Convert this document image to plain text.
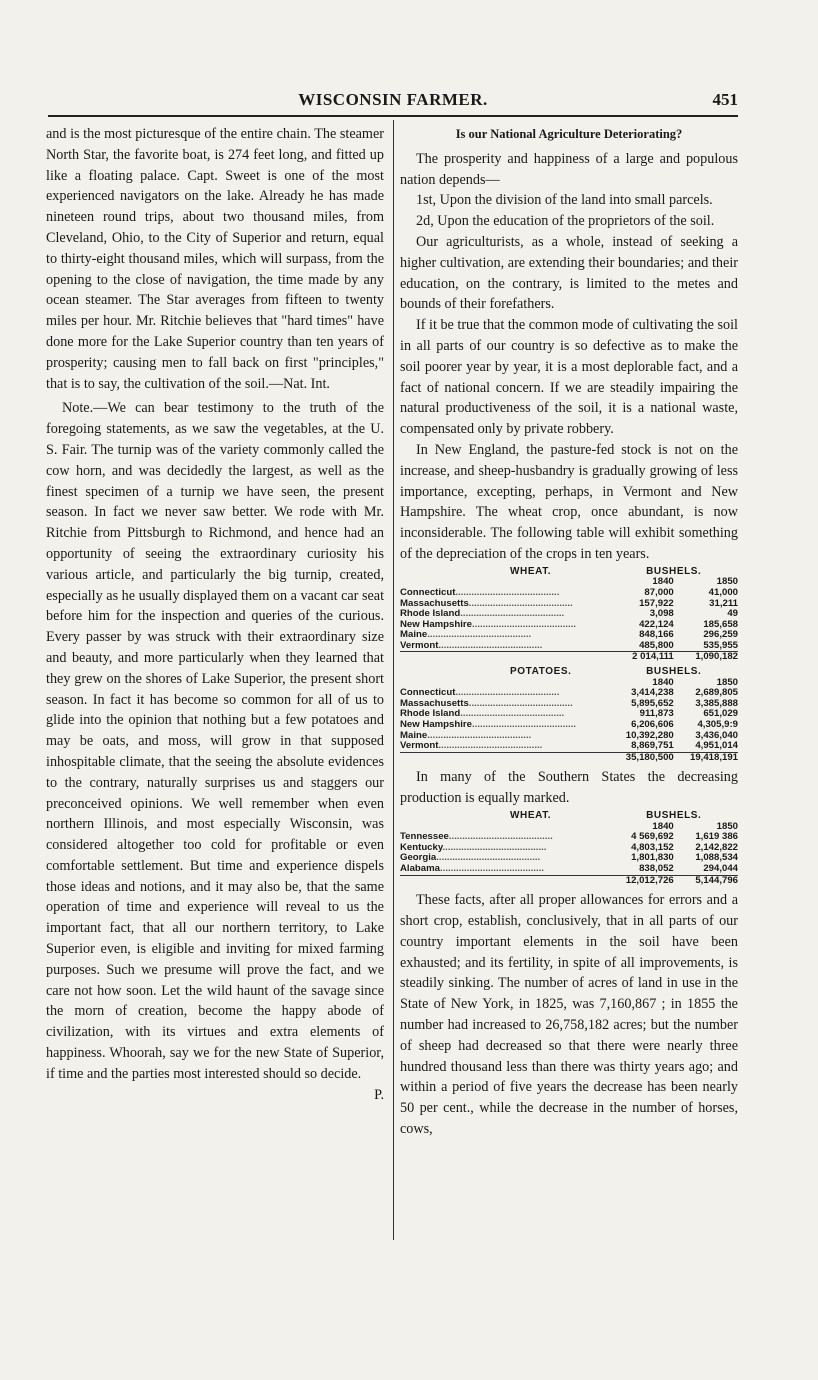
WISCONSIN FARMER.	451

and is the most picturesque of the entire chain. The steamer North Star, the favorite boat, is 274 feet long, and fitted up like a floating palace. Capt. Sweet is one of the most experienced navigators on the lake. Already he has made nineteen round trips, about two thousand miles, from Cleveland, Ohio, to the City of Superior and return, equal to thirty-eight thousand miles, which will surpass, from the opening to the close of navigation, the time made by any ocean steamer. The Star averages from fifteen to twenty miles per hour. Mr. Ritchie believes that "hard times" have done more for the Lake Superior country than ten years of prosperity; causing men to fall back on first "principles," that is to say, the cultivation of the soil.—Nat. Int.

Note.—We can bear testimony to the truth of the foregoing statements, as we saw the vegetables, at the U. S. Fair. The turnip was of the variety commonly called the cow horn, and was decidedly the largest, as well as the finest specimen of a turnip we have seen, the present season. In fact we never saw better. We rode with Mr. Ritchie from Pittsburgh to Richmond, and hence had an opportunity of seeing the extraordinary curiosity his various article, and particularly the big turnip, created, especially as he usually displayed them on a vacant car seat before him for the inspection and queries of the curious. Every passer by was struck with their extraordinary size and beauty, and more particularly when they learned that they grew on the shores of Lake Superior, the present short season. In fact it has become so common for all of us to glide into the opinion that nothing but a few potatoes and may be oats, and moss, will grow in that supposed inhospitable climate, that the seeing the absolute evidences to the contrary, naturally surprises us and staggers our preconceived opinions. We well remember when even northern Illinois, and most especially Wisconsin, was considered altogether too cold for profitable or even comfortable settlement. But time and experience dispels those ideas and notions, and it may also be, that the same operation of time and experience will reveal to us the important fact, that all our northern territory, to Lake Superior even, is eligible and inviting for mixed farming purposes. Such we presume will prove the fact, and we care not how soon. Let the wild haunt of the savage since the morn of creation, become the happy abode of civilization, with its virtues and extra elements of happiness. Whoorah, say we for the new State of Superior, if time and the parties most interested should so decide.

P.
Is our National Agriculture Deteriorating?

The prosperity and happiness of a large and populous nation depends—

1st, Upon the division of the land into small parcels.

2d, Upon the education of the proprietors of the soil.

Our agriculturists, as a whole, instead of seeking a higher cultivation, are extending their boundaries; and their education, on the contrary, is limited to the metes and bounds of their forefathers.

If it be true that the common mode of cultivating the soil in all parts of our country is so defective as to make the soil poorer year by year, it is a most deplorable fact, and a fact of national concern. If we are steadily impairing the natural productiveness of the soil, it is a national waste, compensated only by private robbery.

In New England, the pasture-fed stock is not on the increase, and sheep-husbandry is gradually growing of less importance, excepting, perhaps, in Vermont and New Hampshire. The wheat crop, once abundant, is now inconsiderable. The following table will exhibit something of the depreciation of the crops in ten years.

WHEAT.	BUSHELS.	
	1840	1850
Connecticut.......................................	87,000	41,000
Massachusetts.......................................	157,922	31,211
Rhode Island.......................................	3,098	49
New Hampshire.......................................	422,124	185,658
Maine.......................................	848,166	296,259
Vermont.......................................	485,800	535,955
	2 014,111	1,090,182

POTATOES.	BUSHELS.	
	1840	1850
Connecticut.......................................	3,414,238	2,689,805
Massachusetts.......................................	5,895,652	3,385,888
Rhode Island.......................................	911,873	651,029
New Hampshire.......................................	6,206,606	4,305,9:9
Maine.......................................	10,392,280	3,436,040
Vermont.......................................	8,869,751	4,951,014
	35,180,500	19,418,191

In many of the Southern States the decreasing production is equally marked.

WHEAT.	BUSHELS.	
	1840	1850
Tennessee.......................................	4 569,692	1,619 386
Kentucky.......................................	4,803,152	2,142,822
Georgia.......................................	1,801,830	1,088,534
Alabama.......................................	838,052	294,044
	12,012,726	5,144,796

These facts, after all proper allowances for errors and a short crop, establish, conclusively, that in all parts of our country important elements in the soil have been exhausted; and its fertility, in spite of all improvements, is steadily sinking. The number of acres of land in use in the State of New York, in 1825, was 7,160,867 ; in 1855 the number had increased to 26,758,182 acres; but the number of sheep had decreased so that there were nearly three hundred thousand less than there was thirty years ago; and within a period of five years the decrease has been nearly 50 per cent., while the decrease in the number of horses, cows,
